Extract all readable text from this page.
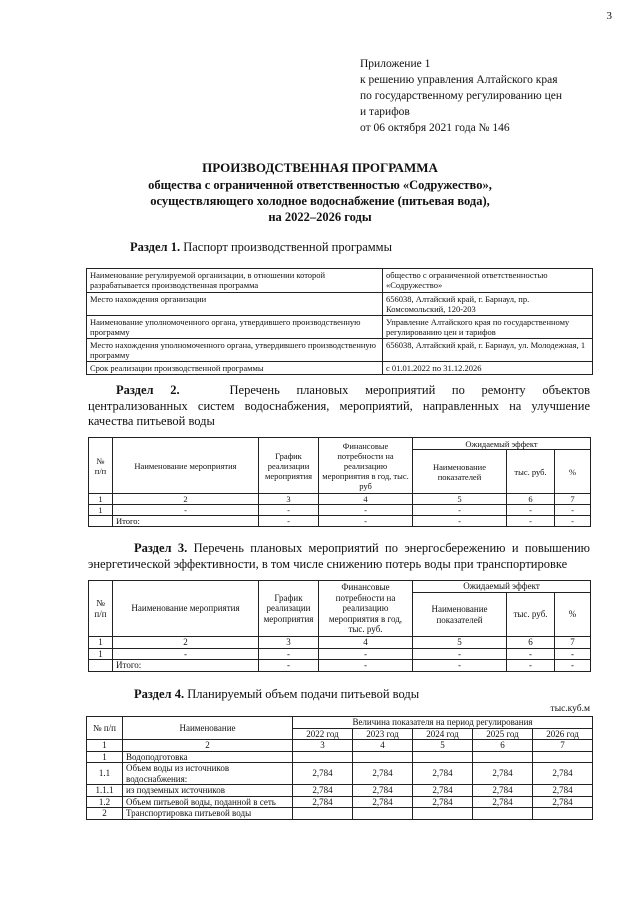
3
Приложение 1
к решению управления Алтайского края
по государственному регулированию цен
и тарифов
от 06 октября 2021 года № 146
ПРОИЗВОДСТВЕННАЯ ПРОГРАММА
общества с ограниченной ответственностью «Содружество»,
осуществляющего холодное водоснабжение (питьевая вода),
на 2022–2026 годы
Раздел 1. Паспорт производственной программы
Наименование регулируемой организации, в отношении которой разрабатывается производственная программа	общество с ограниченной ответственностью «Содружество»
Место нахождения организации	656038, Алтайский край, г. Барнаул, пр. Комсомольский, 120-203
Наименование уполномоченного органа, утвердившего производственную программу	Управление Алтайского края по государственному регулированию цен и тарифов
Место нахождения уполномоченного органа, утвердившего производственную программу	656038, Алтайский край, г. Барнаул, ул. Молодежная, 1
Срок реализации производственной программы	с 01.01.2022 по 31.12.2026
Раздел 2.	Перечень плановых мероприятий по ремонту объектов
централизованных систем водоснабжения, мероприятий, направленных на улучшение
качества питьевой воды
№ п/п	Наименование мероприятия	График реализации мероприятия	Финансовые потребности на реализацию мероприятия в год, тыс. руб	Ожидаемый эффект		
				Наименование показателей	тыс. руб.	%
1	2	3	4	5	6	7
1	-	-	-	-	-	-
	Итого:	-	-	-	-	-
Раздел 3. Перечень плановых мероприятий по энергосбережению и повышению
энергетической эффективности, в том числе снижению потерь воды при транспортировке
№ п/п	Наименование мероприятия	График реализации мероприятия	Финансовые потребности на реализацию мероприятия в год, тыс. руб.	Ожидаемый эффект		
				Наименование показателей	тыс. руб.	%
1	2	3	4	5	6	7
1	-	-	-	-	-	-
	Итого:	-	-	-	-	-
Раздел 4. Планируемый объем подачи питьевой воды
тыс.куб.м
№ п/п	Наименование	Величина показателя на период регулирования				
		2022 год	2023 год	2024 год	2025 год	2026 год
1	2	3	4	5	6	7
1	Водоподготовка					
1.1	Объем воды из источников водоснабжения:	2,784	2,784	2,784	2,784	2,784
1.1.1	из подземных источников	2,784	2,784	2,784	2,784	2,784
1.2	Объем питьевой воды, поданной в сеть	2,784	2,784	2,784	2,784	2,784
2	Транспортировка питьевой воды					
